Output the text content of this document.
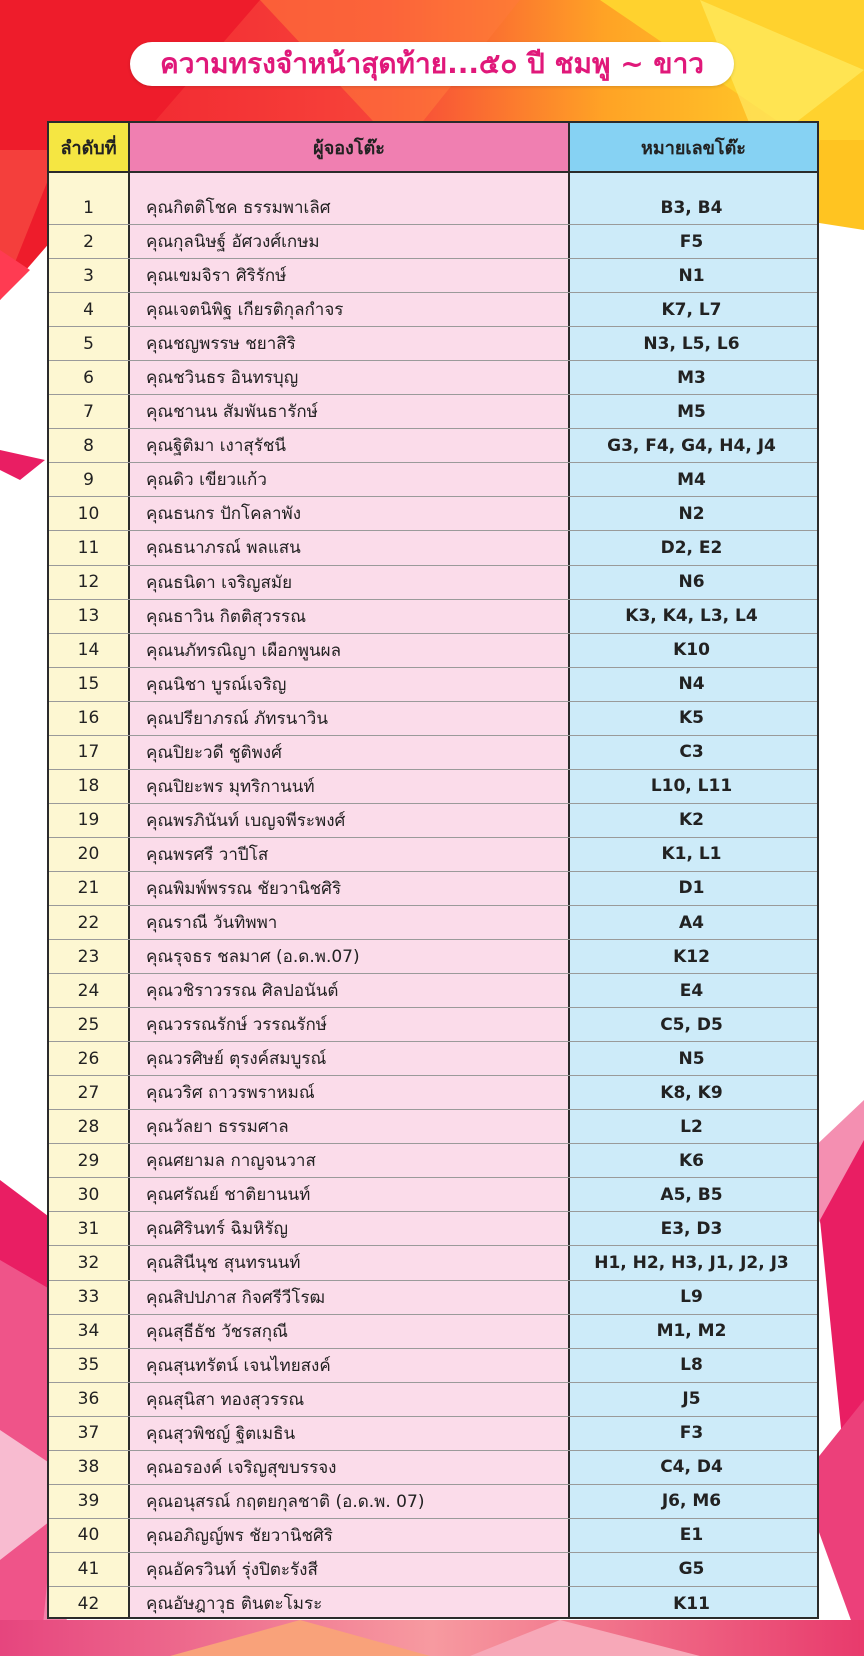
ความทรงจำหน้าสุดท้าย...๕๐ ปี ชมพู ~ ขาว
ลำดับที่	ผู้จองโต๊ะ	หมายเลขโต๊ะ
1	คุณกิตติโชค ธรรมพาเลิศ	B3, B4
2	คุณกุลนิษฐ์ อัศวงศ์เกษม	F5
3	คุณเขมจิรา ศิริรักษ์	N1
4	คุณเจตนิพิฐ เกียรติกุลกำจร	K7, L7
5	คุณชญพรรษ ชยาสิริ	N3, L5, L6
6	คุณชวินธร อินทรบุญ	M3
7	คุณชานน สัมพันธารักษ์	M5
8	คุณฐิติมา เงาสุรัชนี	G3, F4, G4, H4, J4
9	คุณดิว เขียวแก้ว	M4
10	คุณธนกร ปักโคลาพัง	N2
11	คุณธนาภรณ์ พลแสน	D2, E2
12	คุณธนิดา เจริญสมัย	N6
13	คุณธาวิน กิตติสุวรรณ	K3, K4, L3, L4
14	คุณนภัทรณิญา เผือกพูนผล	K10
15	คุณนิชา บูรณ์เจริญ	N4
16	คุณปรียาภรณ์ ภัทรนาวิน	K5
17	คุณปิยะวดี ชูติพงศ์	C3
18	คุณปิยะพร มุทริกานนท์	L10, L11
19	คุณพรภินันท์ เบญจพีระพงศ์	K2
20	คุณพรศรี วาปีโส	K1, L1
21	คุณพิมพ์พรรณ ชัยวานิชศิริ	D1
22	คุณราณี วันทิพพา	A4
23	คุณรุจธร ชลมาศ (อ.ด.พ.07)	K12
24	คุณวชิราวรรณ ศิลปอนันต์	E4
25	คุณวรรณรักษ์ วรรณรักษ์	C5, D5
26	คุณวรศิษย์ ตุรงค์สมบูรณ์	N5
27	คุณวริศ ถาวรพราหมณ์	K8, K9
28	คุณวัลยา ธรรมศาล	L2
29	คุณศยามล กาญจนวาส	K6
30	คุณศรัณย์ ชาติยานนท์	A5, B5
31	คุณศิรินทร์ ฉิมหิรัญ	E3, D3
32	คุณสินีนุช สุนทรนนท์	H1, H2, H3, J1, J2, J3
33	คุณสิปปภาส กิจศรีวีโรฒ	L9
34	คุณสุธีธัช วัชรสกุณี	M1, M2
35	คุณสุนทรัตน์ เจนไทยสงค์	L8
36	คุณสุนิสา ทองสุวรรณ	J5
37	คุณสุวพิชญ์ ฐิตเมธิน	F3
38	คุณอรองค์ เจริญสุขบรรจง	C4, D4
39	คุณอนุสรณ์ กฤตยกุลชาติ (อ.ด.พ. 07)	J6, M6
40	คุณอภิญญ์พร ชัยวานิชศิริ	E1
41	คุณอัครวินท์ รุ่งปิตะรังสี	G5
42	คุณอัษฎาวุธ ตินตะโมระ	K11
